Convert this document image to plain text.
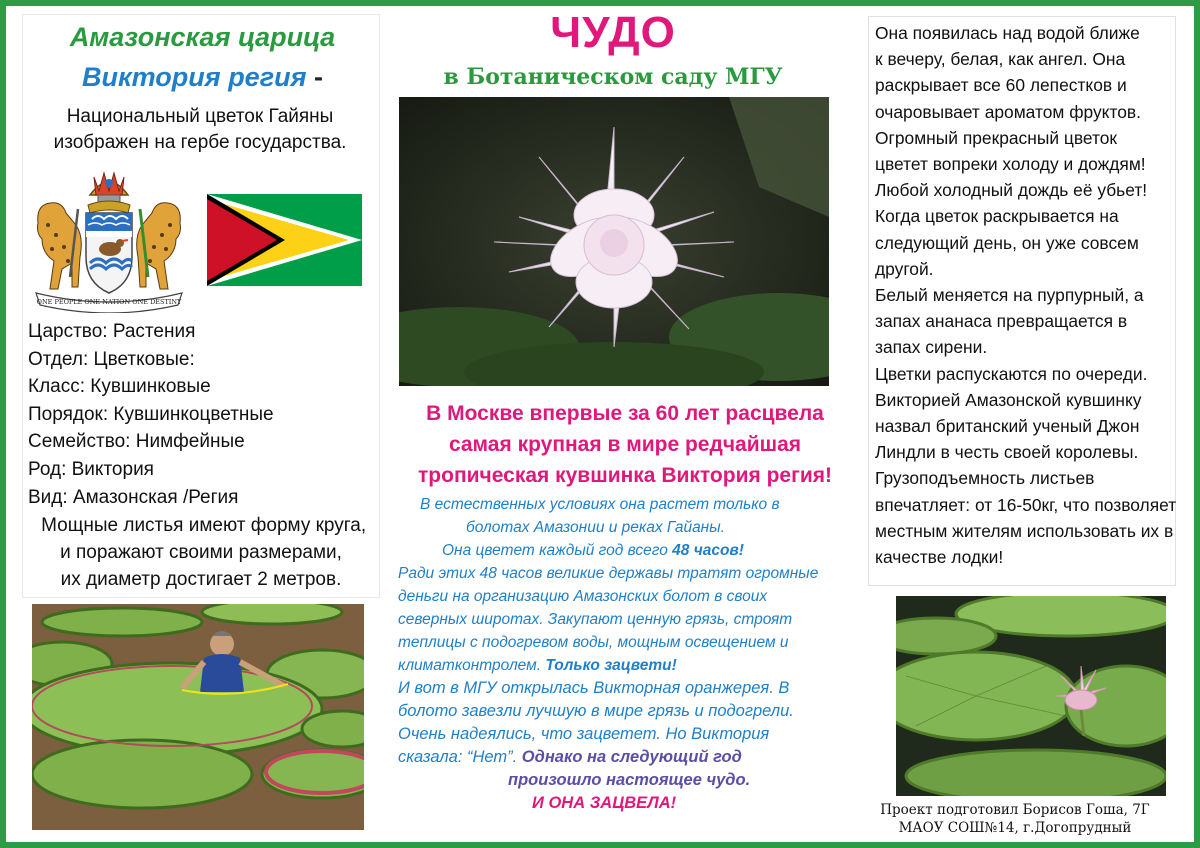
Амазонская царица
Виктория регия -
Национальный цветок Гайяны
изображен на гербе государства.
ONE PEOPLE ONE NATION ONE DESTINY
Царство: Растения
Отдел: Цветковые:
Класс: Кувшинковые
Порядок: Кувшинкоцветные
Семейство: Нимфейные
Род: Виктория
Вид: Амазонская /Регия
Мощные листья имеют форму круга,
и поражают своими размерами,
их диаметр достигает 2 метров.
ЧУДО
в Ботаническом саду МГУ
В Москве впервые за 60 лет расцвела
самая крупная в мире редчайшая
тропическая кувшинка Виктория регия!
В естественных условиях она растет только в
болотах Амазонии и реках Гайаны.
Она цветет каждый год всего 48 часов!
Ради этих 48 часов великие державы тратят огромные
деньги на организацию Амазонских болот в своих
северных широтах. Закупают ценную грязь, строят
теплицы с подогревом воды, мощным освещением и
климатконтролем. Только зацвети!
И вот в МГУ открылась Викторная оранжерея. В
болото завезли лучшую в мире грязь и подогрели.
Очень надеялись, что зацветет. Но Виктория
сказала: “Нет”. Однако на следующий год
произошло настоящее чудо.
И ОНА ЗАЦВЕЛА!
Она появилась над водой ближе
к вечеру, белая, как ангел. Она
раскрывает все 60 лепестков и
очаровывает ароматом фруктов.
Огромный прекрасный цветок
цветет вопреки холоду и дождям!
Любой холодный дождь её убьет!
Когда цветок раскрывается на
следующий день, он уже совсем
другой.
Белый меняется на пурпурный, а
запах ананаса превращается в
запах сирени.
Цветки распускаются по очереди.
Викторией Амазонской кувшинку
назвал британский ученый Джон
Линдли в честь своей королевы.
Грузоподъемность листьев
впечатляет: от 16-50кг, что позволяет
местным жителям использовать их в
качестве лодки!
Проект подготовил Борисов Гоша, 7Г
МАОУ СОШ№14, г.Догопрудный
